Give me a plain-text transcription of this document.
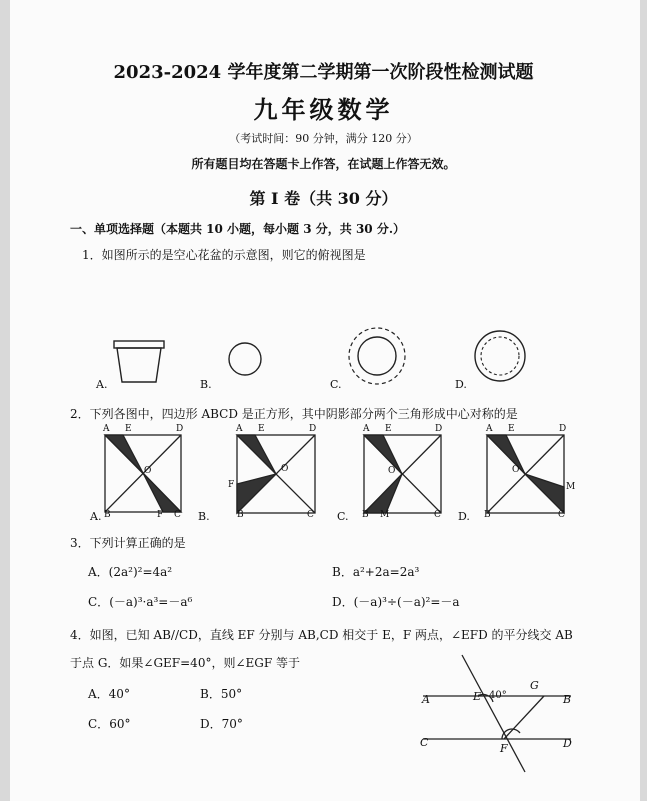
2023-2024 学年度第二学期第一次阶段性检测试题
九年级数学
（考试时间：90 分钟，满分 120 分）
所有题目均在答题卡上作答，在试题上作答无效。
第 I 卷（共 30 分）
一、单项选择题（本题共 10 小题，每小题 3 分，共 30 分.）
1．如图所示的是空心花盆的示意图，则它的俯视图是
A.	B.	C.	D.
2．下列各图中，四边形 ABCD 是正方形，其中阴影部分两个三角形成中心对称的是
A E	D
O
B	F C
A E	D
O
F
B	C
A E	D
O
B M	C
A E	D
O
M
B	C
A.	B.	C.	D.
3．下列计算正确的是
A．(2a²)²=4a²	B．a²+2a=2a³
C．(－a)³·a³=－a⁶	D．(－a)³÷(－a)²=－a
4．如图，已知 AB//CD，直线 EF 分别与 AB,CD 相交于 E，F 两点，∠EFD 的平分线交 AB
于点 G．如果∠GEF=40°，则∠EGF 等于
A．40°	B．50°
C．60°	D．70°
A	B
C	D
E
F
G
40°
